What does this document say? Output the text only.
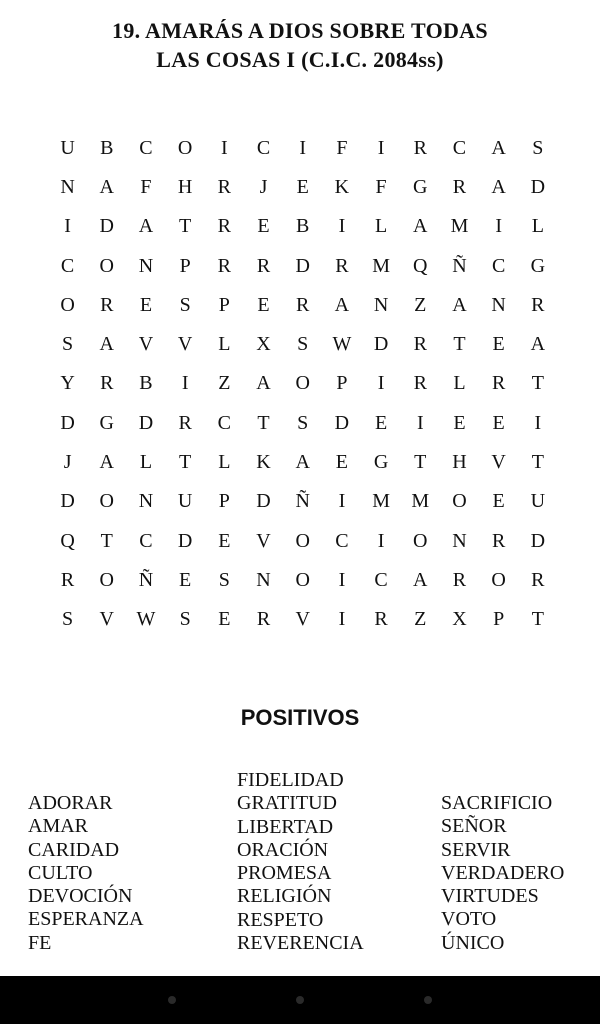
19. AMARÁS A DIOS SOBRE TODAS
LAS COSAS I (C.I.C. 2084ss)
U	B	C	O	I	C	I	F	I	R	C	A	S
N	A	F	H	R	J	E	K	F	G	R	A	D
I	D	A	T	R	E	B	I	L	A	M	I	L
C	O	N	P	R	R	D	R	M	Q	Ñ	C	G
O	R	E	S	P	E	R	A	N	Z	A	N	R
S	A	V	V	L	X	S	W	D	R	T	E	A
Y	R	B	I	Z	A	O	P	I	R	L	R	T
D	G	D	R	C	T	S	D	E	I	E	E	I
J	A	L	T	L	K	A	E	G	T	H	V	T
D	O	N	U	P	D	Ñ	I	M	M	O	E	U
Q	T	C	D	E	V	O	C	I	O	N	R	D
R	O	Ñ	E	S	N	O	I	C	A	R	O	R
S	V	W	S	E	R	V	I	R	Z	X	P	T
POSITIVOS
ADORAR
AMAR
CARIDAD
CULTO
DEVOCIÓN
ESPERANZA
FE
FIDELIDAD
GRATITUD
LIBERTAD
ORACIÓN
PROMESA
RELIGIÓN
RESPETO
REVERENCIA
SACRIFICIO
SEÑOR
SERVIR
VERDADERO
VIRTUDES
VOTO
ÚNICO
